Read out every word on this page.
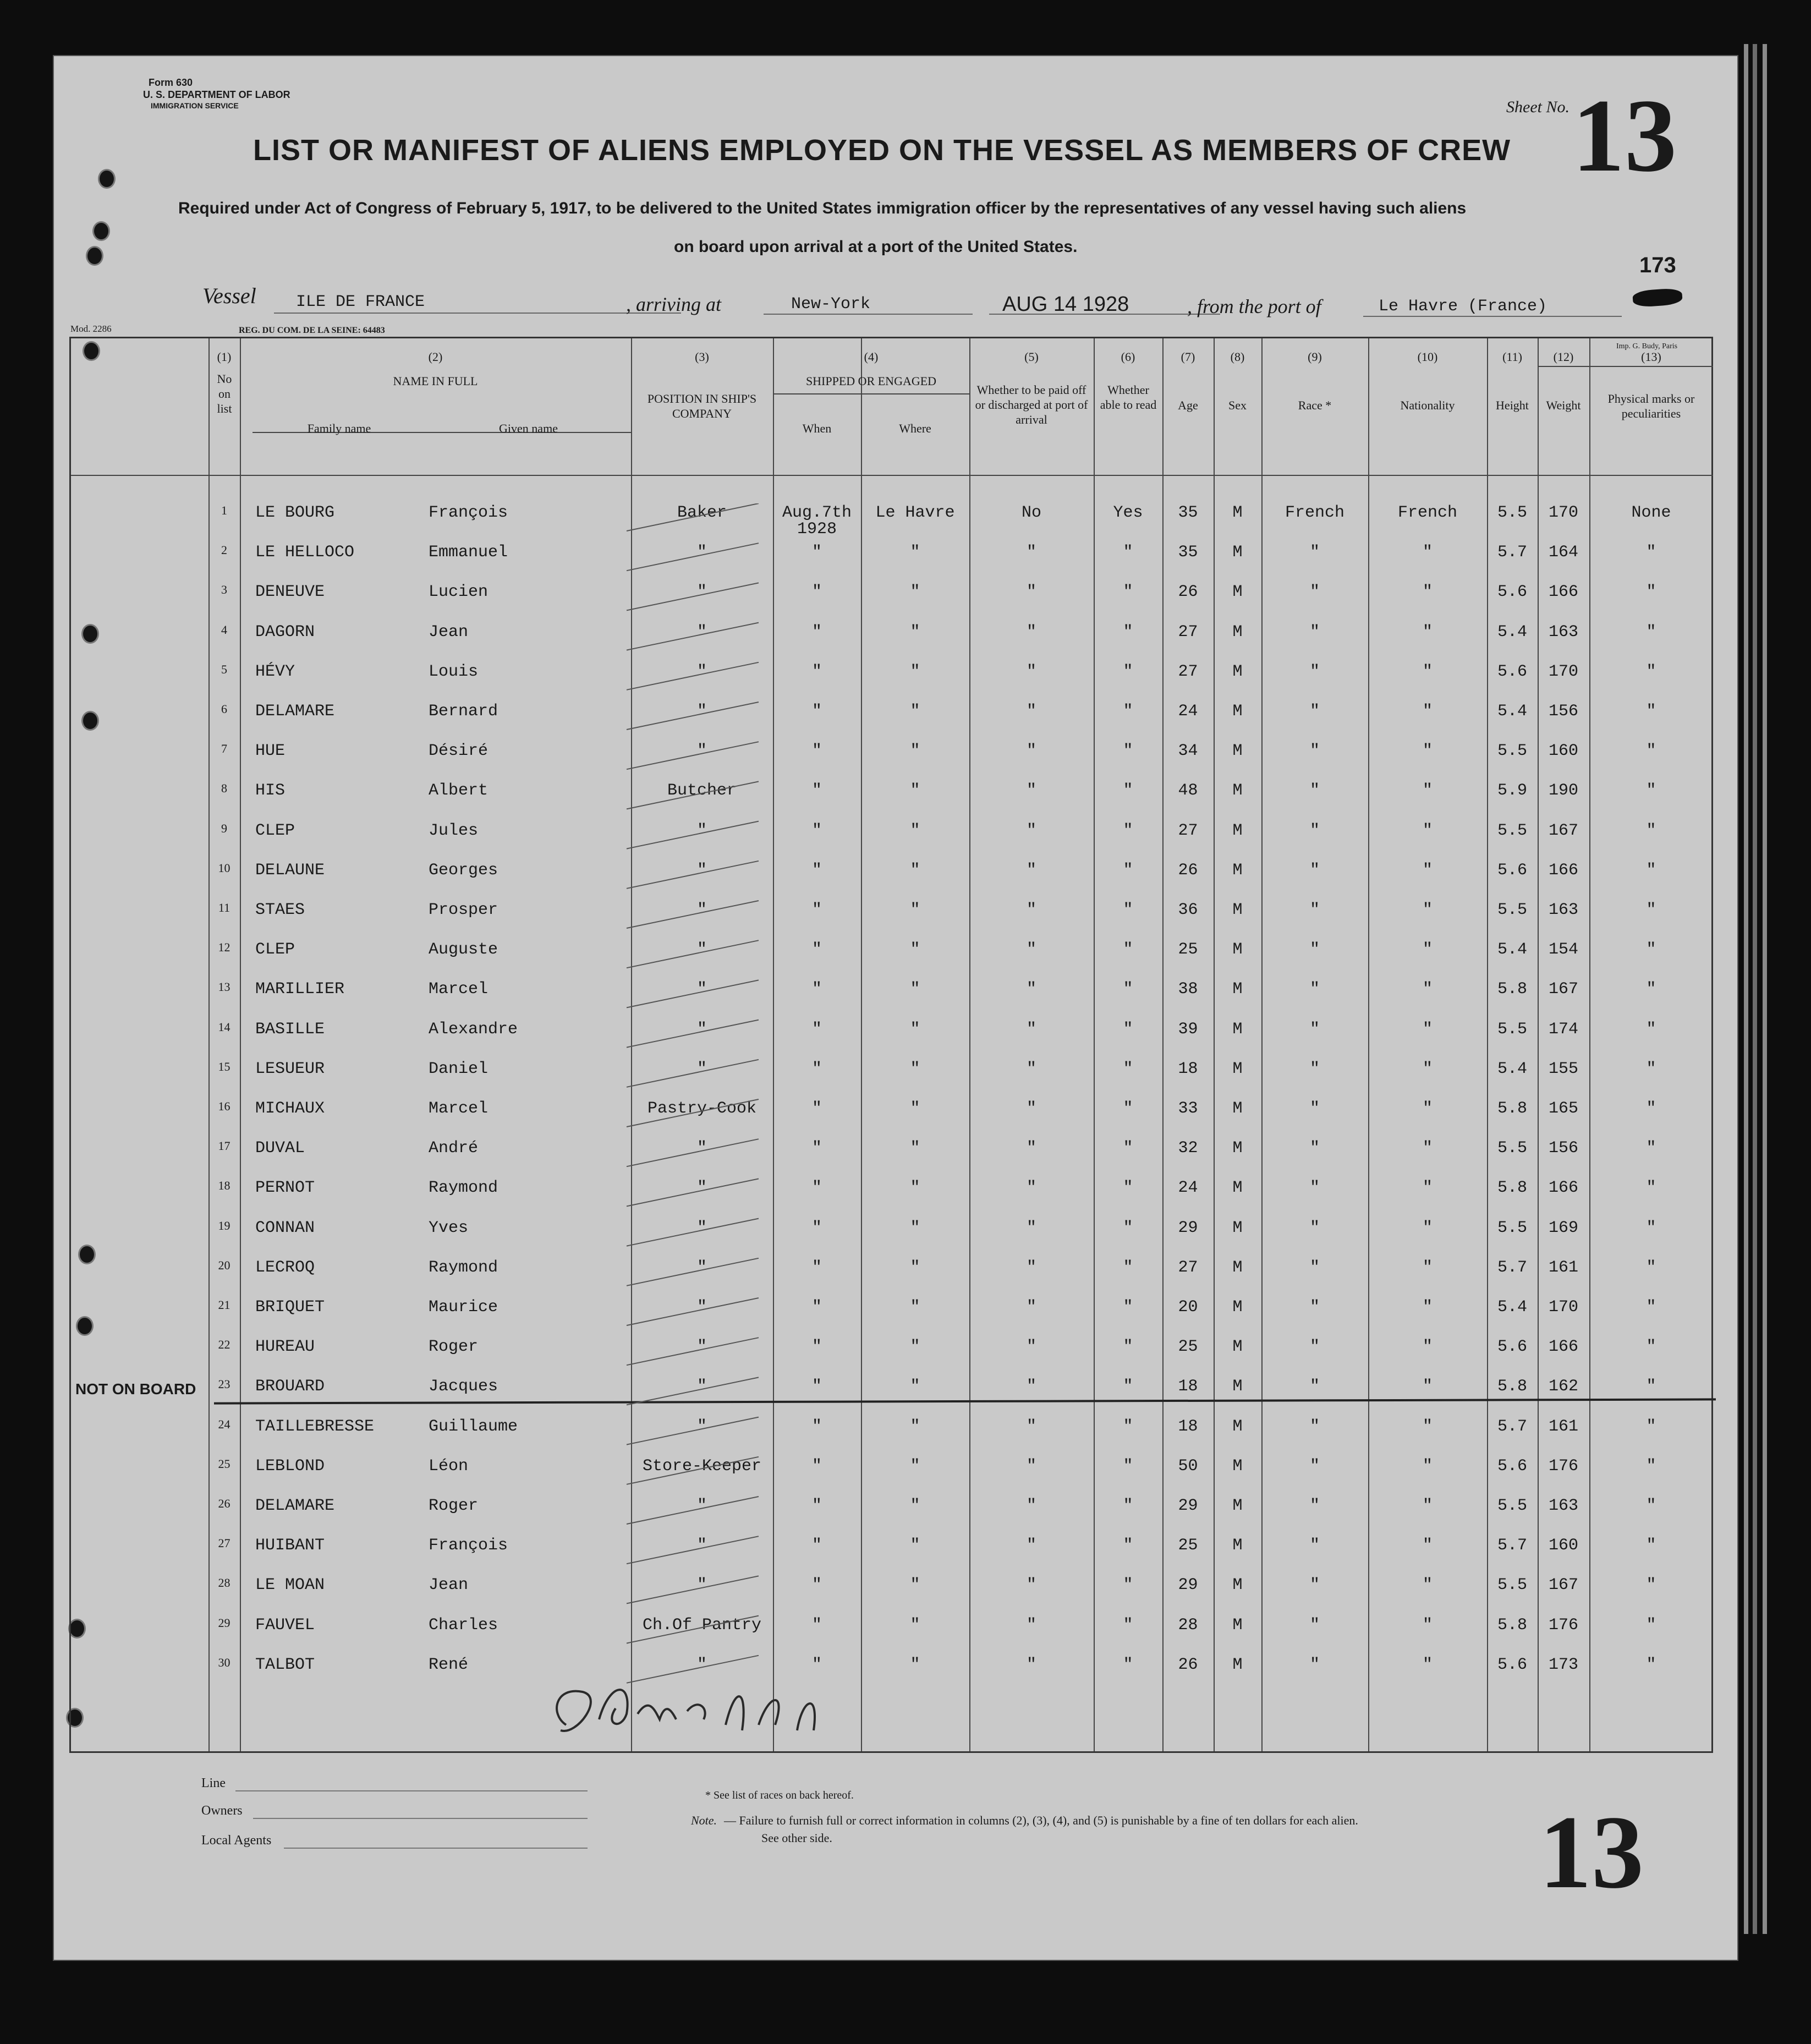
Form 630
U. S. DEPARTMENT OF LABOR
IMMIGRATION SERVICE	Sheet No. 13
LIST OR MANIFEST OF ALIENS EMPLOYED ON THE VESSEL AS MEMBERS OF CREW
Required under Act of Congress of February 5, 1917, to be delivered to the United States immigration officer by the representatives of any vessel having such aliens
on board upon arrival at a port of the United States.
173
Vessel ILE DE FRANCE	, arriving at	New-York	AUG 14 1928	, from the port of	Le Havre (France)
Mod. 2286	REG. DU COM. DE LA SEINE: 64483
Imp. G. Budy, Paris
(1)
No on list
(2)
NAME IN FULL
Family name	Given name
(3)
POSITION IN SHIP'S COMPANY
(4)
SHIPPED OR ENGAGED
When	Where
(5)
Whether to be paid off or discharged at port of arrival
(6)
Whether able to read
(7)
Age
(8)
Sex
(9)
Race *
(10)
Nationality
(11)
Height
(12)
Weight
(13)
Physical marks or peculiarities
1	LE BOURG	François	Baker	Aug.7th	Le Havre	No	Yes	35	M	French	French	5.5	170	None
1928
2	LE HELLOCO	Emmanuel	"	"	"	"	"	35	M	"	"	5.7	164	"
3	DENEUVE	Lucien	"	"	"	"	"	26	M	"	"	5.6	166	"
4	DAGORN	Jean	"	"	"	"	"	27	M	"	"	5.4	163	"
5	HÉVY	Louis	"	"	"	"	"	27	M	"	"	5.6	170	"
6	DELAMARE	Bernard	"	"	"	"	"	24	M	"	"	5.4	156	"
7	HUE	Désiré	"	"	"	"	"	34	M	"	"	5.5	160	"
8	HIS	Albert	Butcher	"	"	"	"	48	M	"	"	5.9	190	"
9	CLEP	Jules	"	"	"	"	"	27	M	"	"	5.5	167	"
10	DELAUNE	Georges	"	"	"	"	"	26	M	"	"	5.6	166	"
11	STAES	Prosper	"	"	"	"	"	36	M	"	"	5.5	163	"
12	CLEP	Auguste	"	"	"	"	"	25	M	"	"	5.4	154	"
13	MARILLIER	Marcel	"	"	"	"	"	38	M	"	"	5.8	167	"
14	BASILLE	Alexandre	"	"	"	"	"	39	M	"	"	5.5	174	"
15	LESUEUR	Daniel	"	"	"	"	"	18	M	"	"	5.4	155	"
16	MICHAUX	Marcel	Pastry-Cook	"	"	"	"	33	M	"	"	5.8	165	"
17	DUVAL	André	"	"	"	"	"	32	M	"	"	5.5	156	"
18	PERNOT	Raymond	"	"	"	"	"	24	M	"	"	5.8	166	"
19	CONNAN	Yves	"	"	"	"	"	29	M	"	"	5.5	169	"
20	LECROQ	Raymond	"	"	"	"	"	27	M	"	"	5.7	161	"
21	BRIQUET	Maurice	"	"	"	"	"	20	M	"	"	5.4	170	"
22	HUREAU	Roger	"	"	"	"	"	25	M	"	"	5.6	166	"
23	BROUARD	Jacques	"	"	"	"	"	18	M	"	"	5.8	162	"
24	TAILLEBRESSE	Guillaume	"	"	"	"	"	18	M	"	"	5.7	161	"
25	LEBLOND	Léon	Store-Keeper	"	"	"	"	50	M	"	"	5.6	176	"
26	DELAMARE	Roger	"	"	"	"	"	29	M	"	"	5.5	163	"
27	HUIBANT	François	"	"	"	"	"	25	M	"	"	5.7	160	"
28	LE MOAN	Jean	"	"	"	"	"	29	M	"	"	5.5	167	"
29	FAUVEL	Charles	Ch.Of Pantry	"	"	"	"	28	M	"	"	5.8	176	"
30	TALBOT	René	"	"	"	"	"	26	M	"	"	5.6	173	"
NOT ON BOARD
Line
Owners
Local Agents
* See list of races on back hereof.
Note. — Failure to furnish full or correct information in columns (2), (3), (4), and (5) is punishable by a fine of ten dollars for each alien.
See other side.	13
